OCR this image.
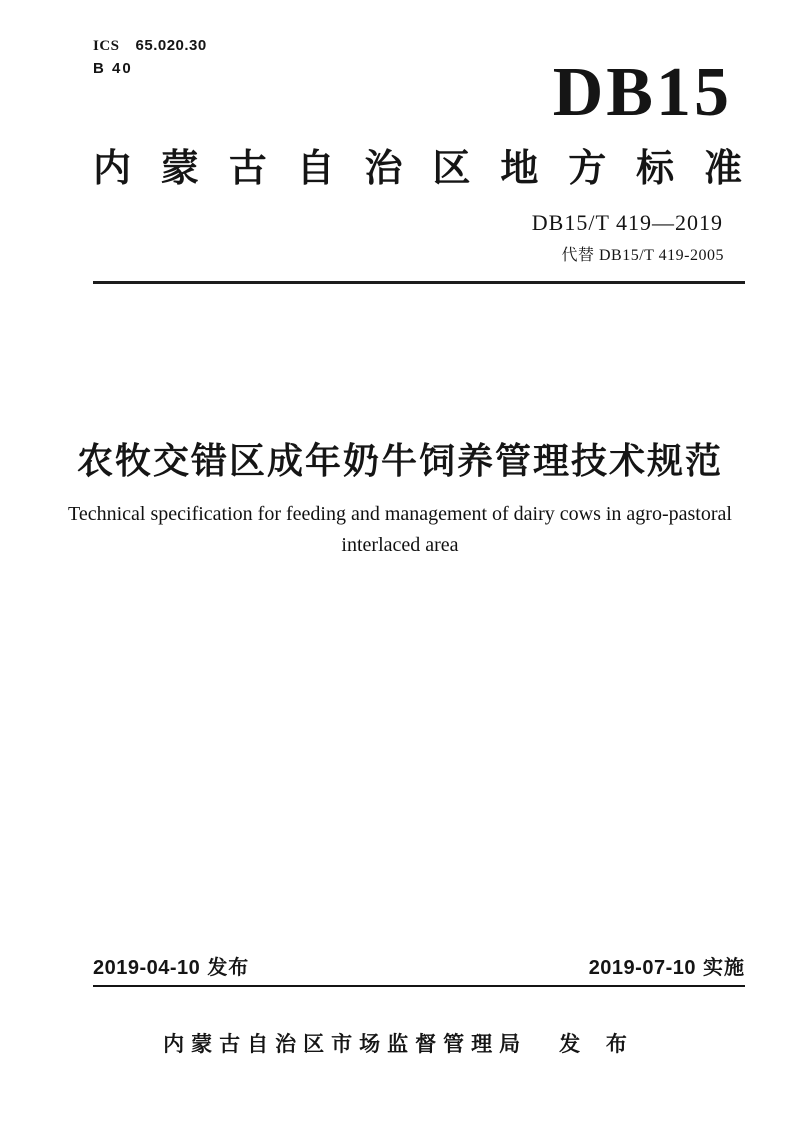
ICS 65.020.30
B 40	DB15
内 蒙 古 自 治 区 地 方 标 准
DB15/T 419—2019
代替 DB15/T 419-2005
农牧交错区成年奶牛饲养管理技术规范
Technical specification for feeding and management of dairy cows in agro-pastoral
interlaced area
2019-04-10 发布	2019-07-10 实施
内蒙古自治区市场监督管理局 发 布
